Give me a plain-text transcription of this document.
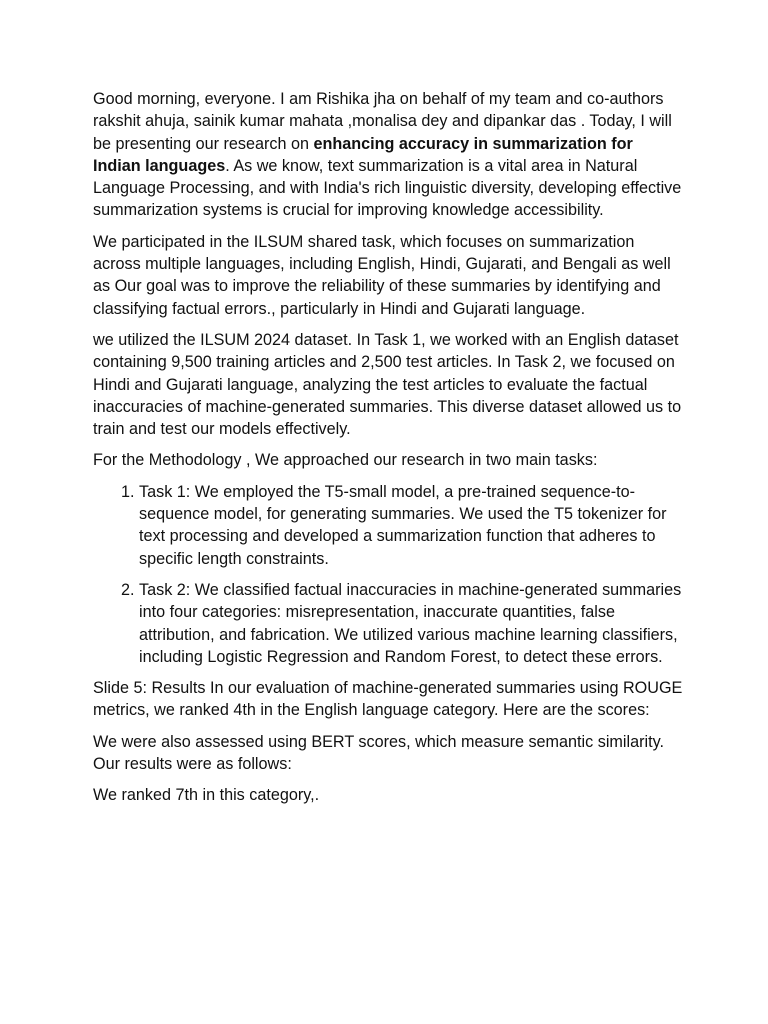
Good morning, everyone. I am Rishika jha on behalf of my team and co-authors rakshit ahuja, sainik kumar mahata ,monalisa dey and dipankar das . Today, I will be presenting our research on enhancing accuracy in summarization for Indian languages. As we know, text summarization is a vital area in Natural Language Processing, and with India's rich linguistic diversity, developing effective summarization systems is crucial for improving knowledge accessibility.

We participated in the ILSUM shared task, which focuses on summarization across multiple languages, including English, Hindi, Gujarati, and Bengali as well as Our goal was to improve the reliability of these summaries by identifying and classifying factual errors., particularly in Hindi and Gujarati language.

we utilized the ILSUM 2024 dataset. In Task 1, we worked with an English dataset containing 9,500 training articles and 2,500 test articles. In Task 2, we focused on Hindi and Gujarati language, analyzing the test articles to evaluate the factual inaccuracies of machine-generated summaries. This diverse dataset allowed us to train and test our models effectively.

For the Methodology , We approached our research in two main tasks:

1. Task 1: We employed the T5-small model, a pre-trained sequence-to-sequence model, for generating summaries. We used the T5 tokenizer for text processing and developed a summarization function that adheres to specific length constraints.
2. Task 2: We classified factual inaccuracies in machine-generated summaries into four categories: misrepresentation, inaccurate quantities, false attribution, and fabrication. We utilized various machine learning classifiers, including Logistic Regression and Random Forest, to detect these errors.

Slide 5: Results In our evaluation of machine-generated summaries using ROUGE metrics, we ranked 4th in the English language category. Here are the scores:

We were also assessed using BERT scores, which measure semantic similarity. Our results were as follows:

We ranked 7th in this category,.
